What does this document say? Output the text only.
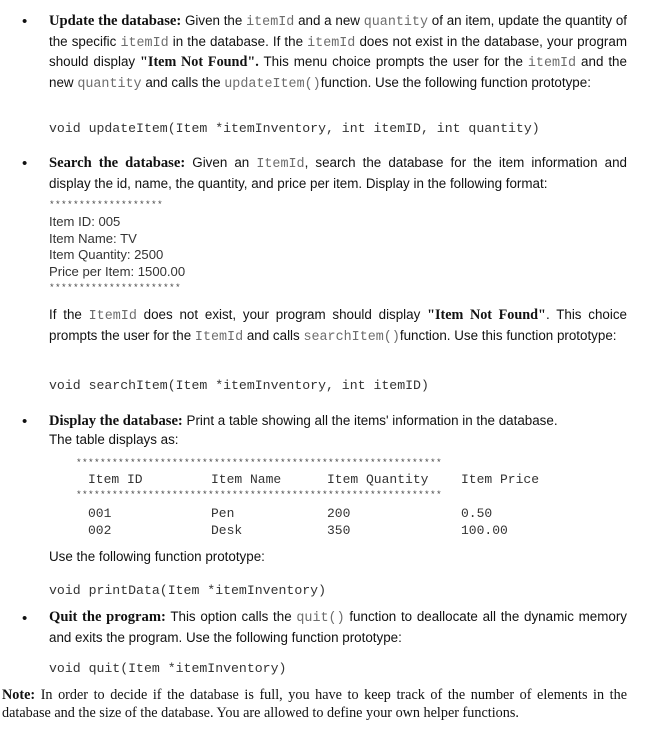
• Update the database: Given the itemId and a new quantity of an item, update the quantity of the specific itemId in the database. If the itemId does not exist in the database, your program should display "Item Not Found". This menu choice prompts the user for the itemId and the new quantity and calls the updateItem()function. Use the following function prototype:
void updateItem(Item *itemInventory, int itemID, int quantity)
• Search the database: Given an ItemId, search the database for the item information and display the id, name, the quantity, and price per item. Display in the following format:
*******************
Item ID: 005
Item Name: TV
Item Quantity: 2500
Price per Item: 1500.00
**********************
If the ItemId does not exist, your program should display "Item Not Found". This choice prompts the user for the ItemId and calls searchItem()function. Use this function prototype:
void searchItem(Item *itemInventory, int itemID)
• Display the database: Print a table showing all the items' information in the database.
The table displays as:
*************************************************************
Item ID	Item Name	Item Quantity	Item Price
*************************************************************
001	Pen	200	0.50
002	Desk	350	100.00
Use the following function prototype:
void printData(Item *itemInventory)
• Quit the program: This option calls the quit() function to deallocate all the dynamic memory and exits the program. Use the following function prototype:
void quit(Item *itemInventory)
Note: In order to decide if the database is full, you have to keep track of the number of elements in the database and the size of the database. You are allowed to define your own helper functions.
